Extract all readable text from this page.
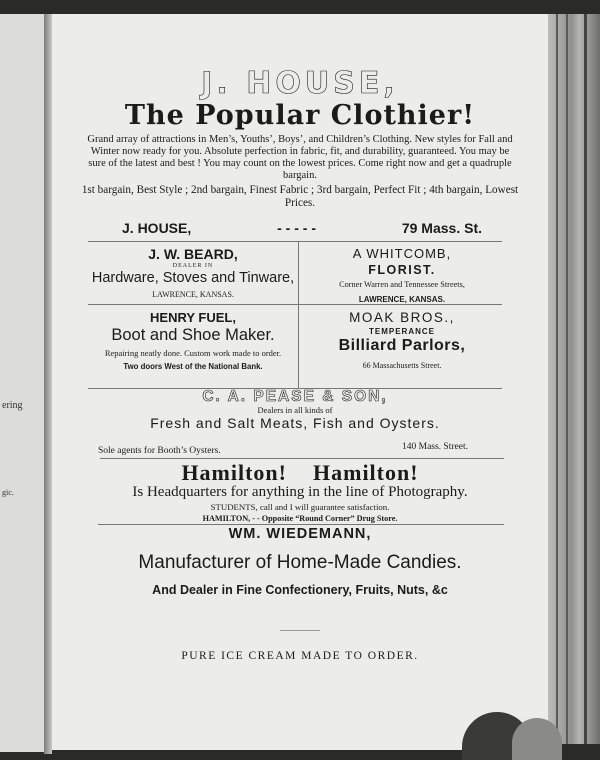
ering
gic.
J. HOUSE,
The Popular Clothier!
Grand array of attractions in Men’s, Youths’, Boys’, and Children’s Clothing. New styles for Fall and Winter now ready for you. Absolute perfection in fabric, fit, and durability, guaranteed. You may be sure of the latest and best ! You may count on the lowest prices. Come right now and get a quadruple bargain.
1st bargain, Best Style ; 2nd bargain, Finest Fabric ; 3rd bargain, Perfect Fit ; 4th bargain, Lowest Prices.
J. HOUSE,	- - - - -	79 Mass. St.
J. W. BEARD,
DEALER IN
Hardware, Stoves and Tinware,
LAWRENCE, KANSAS.
A WHITCOMB,
FLORIST.
Corner Warren and Tennessee Streets,
LAWRENCE, KANSAS.
HENRY FUEL,
Boot and Shoe Maker.
Repairing neatly done. Custom work made to order.
Two doors West of the National Bank.
MOAK BROS.,
TEMPERANCE
Billiard Parlors,
66 Massachusetts Street.
C. A. PEASE & SON,
Dealers in all kinds of
Fresh and Salt Meats, Fish and Oysters.
Sole agents for Booth’s Oysters.	140 Mass. Street.
Hamilton! Hamilton!
Is Headquarters for anything in the line of Photography.
STUDENTS, call and I will guarantee satisfaction.
HAMILTON, - - Opposite “Round Corner” Drug Store.
WM. WIEDEMANN,
Manufacturer of Home-Made Candies.
And Dealer in Fine Confectionery, Fruits, Nuts, &c
PURE ICE CREAM MADE TO ORDER.
